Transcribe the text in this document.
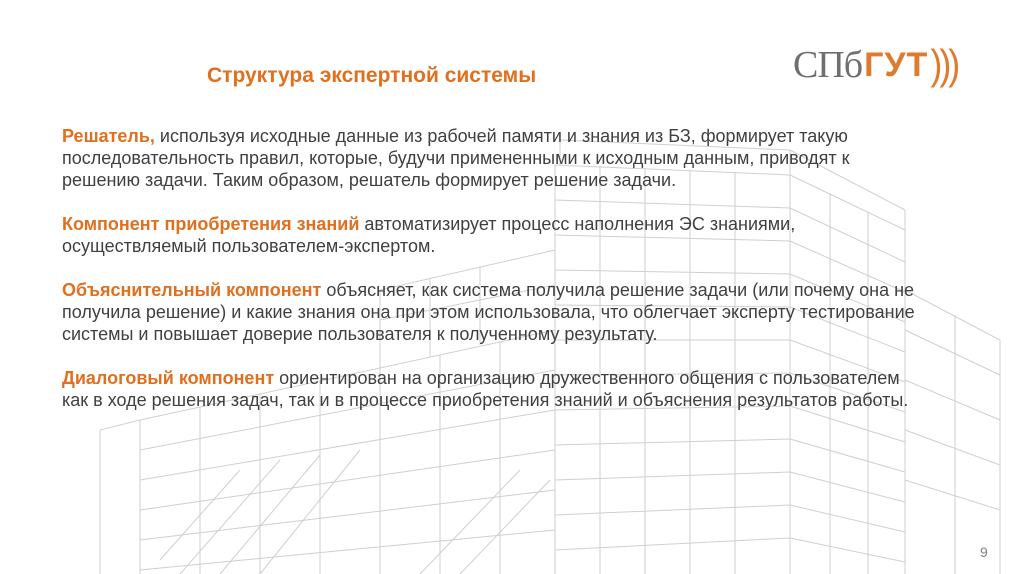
СПб ГУТ )))
Структура экспертной системы

Решатель, используя исходные данные из рабочей памяти и знания из БЗ, формирует такую последовательность правил, которые, будучи примененными к исходным данным, приводят к решению задачи. Таким образом, решатель формирует решение задачи.

Компонент приобретения знаний автоматизирует процесс наполнения ЭС знаниями, осуществляемый пользователем-экспертом.

Объяснительный компонент объясняет, как система получила решение задачи (или почему она не получила решение) и какие знания она при этом использовала, что облегчает эксперту тестирование системы и повышает доверие пользователя к полученному результату.

Диалоговый компонент ориентирован на организацию дружественного общения с пользователем как в ходе решения задач, так и в процессе приобретения знаний и объяснения результатов работы.

9
